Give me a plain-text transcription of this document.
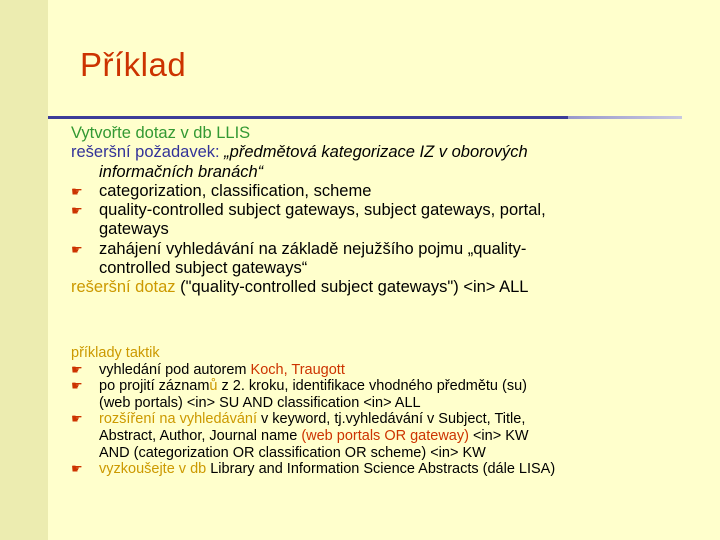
Příklad
Vytvořte dotaz v db LLIS
rešeršní požadavek: „předmětová kategorizace IZ v oborových
informačních branách“
☛ categorization, classification, scheme
☛ quality-controlled subject gateways, subject gateways, portal,
gateways
☛ zahájení vyhledávání na základě nejužšího pojmu „quality-
controlled subject gateways“
rešeršní dotaz ("quality-controlled subject gateways") <in> ALL
příklady taktik
☛ vyhledání pod autorem Koch, Traugott
☛ po projití záznamů z 2. kroku, identifikace vhodného předmětu (su)
(web portals) <in> SU AND classification <in> ALL
☛ rozšíření na vyhledávání v keyword, tj.vyhledávání v Subject, Title,
Abstract, Author, Journal name (web portals OR gateway) <in> KW
AND (categorization OR classification OR scheme) <in> KW
☛ vyzkoušejte v db Library and Information Science Abstracts (dále LISA)
